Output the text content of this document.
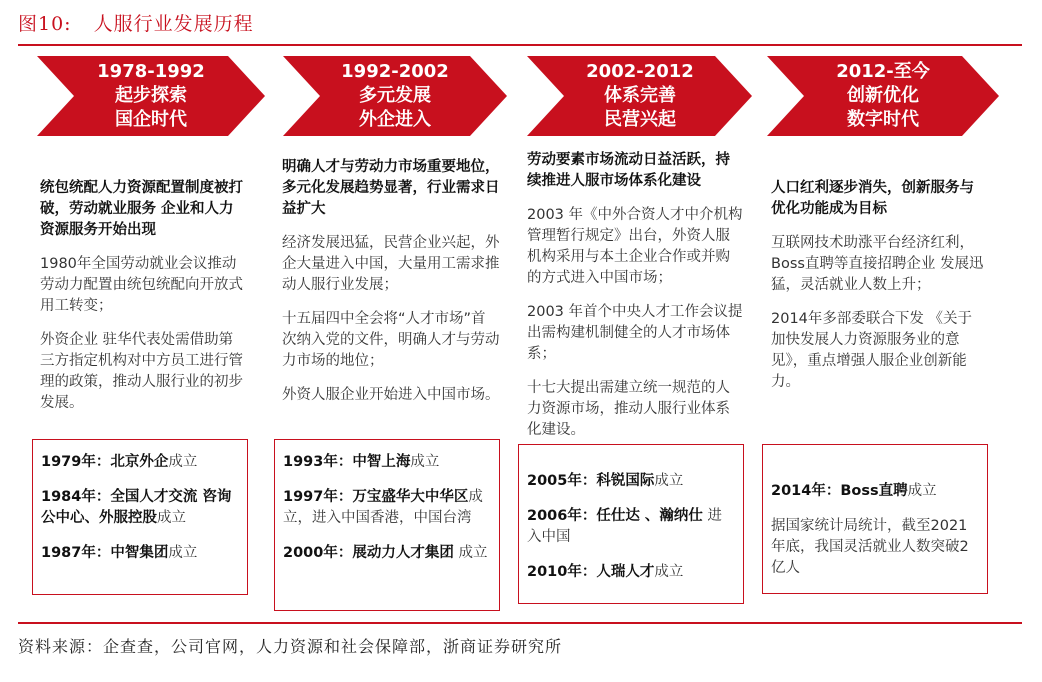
图10: 人服行业发展历程
1978-1992
起步探索
国企时代
1992-2002
多元发展
外企进入
2002-2012
体系完善
民营兴起
2012-至今
创新优化
数字时代

统包统配人力资源配置制度被打破，劳动就业服务 企业和人力资源服务开始出现

1980年全国劳动就业会议推动劳动力配置由统包统配向开放式用工转变；

外资企业 驻华代表处需借助第三方指定机构对中方员工进行管理的政策，推动人服行业的初步发展。

明确人才与劳动力市场重要地位，多元化发展趋势显著，行业需求日益扩大

经济发展迅猛，民营企业兴起，外企大量进入中国，大量用工需求推动人服行业发展；

十五届四中全会将“人才市场”首次纳入党的文件，明确人才与劳动力市场的地位；

外资人服企业开始进入中国市场。

劳动要素市场流动日益活跃，持续推进人服市场体系化建设

2003 年《中外合资人才中介机构管理暂行规定》出台，外资人服机构采用与本土企业合作或并购的方式进入中国市场；

2003 年首个中央人才工作会议提出需构建机制健全的人才市场体系；

十七大提出需建立统一规范的人力资源市场，推动人服行业体系化建设。

人口红利逐步消失，创新服务与优化功能成为目标

互联网技术助涨平台经济红利，Boss直聘等直接招聘企业 发展迅猛，灵活就业人数上升；

2014年多部委联合下发 《关于加快发展人力资源服务业的意见》，重点增强人服企业创新能力。

1979年：北京外企成立

1984年：全国人才交流 咨询公中心、外服控股成立

1987年：中智集团成立

1993年：中智上海成立

1997年：万宝盛华大中华区成立，进入中国香港，中国台湾

2000年：展动力人才集团 成立

2005年：科锐国际成立

2006年：任仕达 、瀚纳仕 进入中国

2010年：人瑞人才成立

2014年：Boss直聘成立

据国家统计局统计，截至2021年底，我国灵活就业人数突破2亿人

资料来源：企查查，公司官网，人力资源和社会保障部，浙商证券研究所
